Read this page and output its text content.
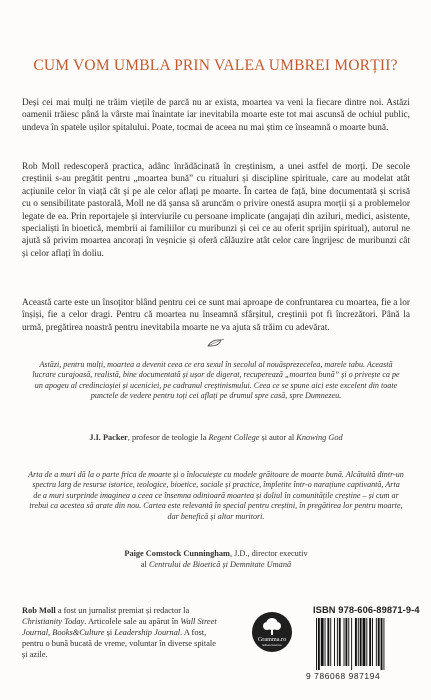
CUM VOM UMBLA PRIN VALEA UMBREI MORȚII?

Deși cei mai mulți ne trăim viețile de parcă nu ar exista, moartea va veni la fiecare dintre noi. Astăzi oamenii trăiesc până la vârste mai înaintate iar inevitabila moarte este tot mai ascunsă de ochiul public, undeva în spatele ușilor spitalului. Poate, tocmai de aceea nu mai știm ce înseamnă o moarte bună.

Rob Moll redescoperă practica, adânc înrădăcinată în creștinism, a unei astfel de morți. De secole creștinii s-au pregătit pentru „moartea bună” cu ritualuri și discipline spirituale, care au modelat atât acțiunile celor în viață cât și pe ale celor aflați pe moarte. În cartea de față, bine documentată și scrisă cu o sensibilitate pastorală, Moll ne dă șansa să aruncăm o privire onestă asupra morții și a problemelor legate de ea. Prin reportajele și interviurile cu persoane implicate (angajați din aziluri, medici, asistente, specialiști în bioetică, membrii ai familiilor cu muribunzi și cei ce au oferit sprijin spiritual), autorul ne ajută să privim moartea ancorați în veșnicie și oferă călăuzire atât celor care îngrijesc de muribunzi cât și celor aflați în doliu.

Această carte este un însoțitor blând pentru cei ce sunt mai aproape de confruntarea cu moartea, fie a lor înșiși, fie a celor dragi. Pentru că moartea nu înseamnă sfârșitul, creștinii pot fi încrezători. Până la urmă, pregătirea noastră pentru inevitabila moarte ne va ajuta să trăim cu adevărat.

Astăzi, pentru mulți, moartea a devenit ceea ce era sexul în secolul al nouăsprezecelea, marele tabu. Această lucrare curajoasă, realistă, bine documentată și ușor de digerat, recuperează „moartea bună” și o privește ca pe un apogeu al credincioșiei și uceniciei, pe cadranul creștinismului. Ceea ce se spune aici este excelent din toate punctele de vedere pentru toți cei aflați pe drumul spre casă, spre Dumnezeu.

J.I. Packer, profesor de teologie la Regent College și autor al Knowing God

Arta de a muri dă la o parte frica de moarte și o înlocuiește cu modele grăitoare de moarte bună. Alcătuită dintr-un spectru larg de resurse istorice, teologice, bioetice, sociale și practice, împletite într-o narațiune captivantă, Arta de a muri surprinde imaginea a ceea ce însemna odinioară moartea și doliul în comunitățile creștine – și cum ar trebui ca acestea să arate din nou. Cartea este relevantă în special pentru creștini, în pregătirea lor pentru moarte, dar benefică și altor muritori.

Paige Comstock Cunningham, J.D., director executiv
al Centrului de Bioetică și Demnitate Umană

Rob Moll a fost un jurnalist premiat și redactor la Christianity Today. Articolele sale au apărut în Wall Street Journal, Books&Culture și Leadership Journal. A fost, pentru o bună bucată de vreme, voluntar în diverse spitale și azile.

Gramma.ro
Editura Gramma
ISBN 978-606-89871-9-4
9 786068 987194
